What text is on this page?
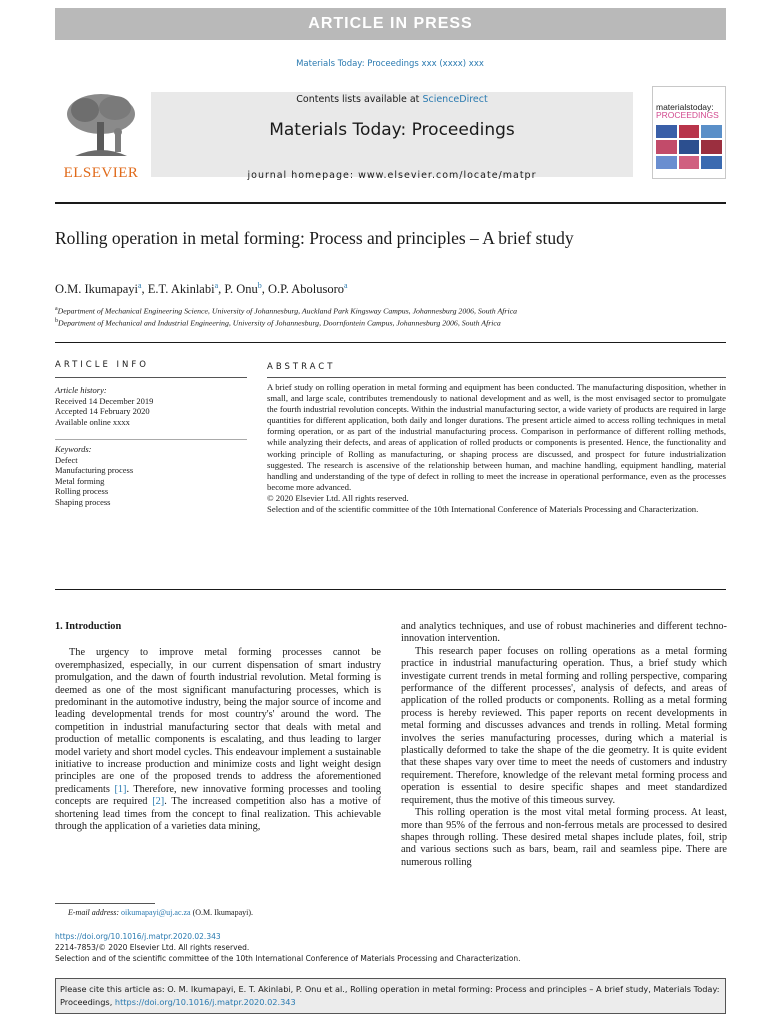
ARTICLE IN PRESS
Materials Today: Proceedings xxx (xxxx) xxx
ELSEVIER
Contents lists available at ScienceDirect
Materials Today: Proceedings
journal homepage: www.elsevier.com/locate/matpr
materialstoday:
PROCEEDINGS
Rolling operation in metal forming: Process and principles – A brief study
O.M. Ikumapayi$^a$, E.T. Akinlabi$^a$, P. Onu$^b$, O.P. Abolusoro$^a$
$^a$Department of Mechanical Engineering Science, University of Johannesburg, Auckland Park Kingsway Campus, Johannesburg 2006, South Africa
$^b$Department of Mechanical and Industrial Engineering, University of Johannesburg, Doornfontein Campus, Johannesburg 2006, South Africa
ARTICLE INFO	ABSTRACT
Article history:
Received 14 December 2019
Accepted 14 February 2020
Available online xxxx
Keywords:
Defect
Manufacturing process
Metal forming
Rolling process
Shaping process
A brief study on rolling operation in metal forming and equipment has been conducted. The manufacturing disposition, whether in small, and large scale, contributes tremendously to national development and as well, is the most envisaged sector to promulgate the fourth industrial revolution concepts. Within the industrial manufacturing sector, a wide variety of products are required in large quantities for different application, both daily and longer durations. The present article aimed to access rolling techniques in metal forming operation, or as part of the industrial manufacturing process. Comparison in performance of different rolling methods, while analyzing their defects, and areas of application of rolled products or components is presented. Hence, the functionality and working principle of Rolling as manufacturing, or shaping process are discussed, and prospect for future industrialization suggested. The research is ascensive of the relationship between human, and machine handling, equipment handling, material handling and understanding of the type of defect in rolling to meet the increase in operational performance, even as the processes become more advanced.
© 2020 Elsevier Ltd. All rights reserved.
Selection and of the scientific committee of the 10th International Conference of Materials Processing and Characterization.
1. Introduction

The urgency to improve metal forming processes cannot be overemphasized, especially, in our current dispensation of smart industry promulgation, and the dawn of fourth industrial revolution. Metal forming is deemed as one of the most significant manufacturing processes, which is predominant in the automotive industry, being the major source of income and leading developmental trends for most country's' around the word. The competition in industrial manufacturing sector that deals with metal and production of metallic components is escalating, and thus leading to larger model variety and short model cycles. This endeavour implement a sustainable initiative to increase production and minimize costs and light weight design principles are one of the proposed trends to address the aforementioned predicaments [1]. Therefore, new innovative forming processes and tooling concepts are required [2]. The increased competition also has a motive of shortening lead times from the concept to final realization. This achievable through the application of a varieties data mining,

and analytics techniques, and use of robust machineries and different techno-innovation intervention.

This research paper focuses on rolling operations as a metal forming practice in industrial manufacturing operation. Thus, a brief study which investigate current trends in metal forming and rolling perspective, comparing performance of the different processes', analysis of defects, and areas of application of the rolled products or components. Rolling as a metal forming process is hereby reviewed. This paper reports on recent developments in metal forming and discusses advances and trends in rolling. Metal forming involves the series manufacturing processes, during which a material is plastically deformed to take the shape of the die geometry. It is quite evident that these shapes vary over time to meet the needs of customers and industry requirement. Therefore, knowledge of the relevant metal forming process and operation is essential to desire specific shapes and meet standardized requirement, thus the motive of this timeous survey.

This rolling operation is the most vital metal forming process. At least, more than 95% of the ferrous and non-ferrous metals are processed to desired shapes through rolling. These desired metal shapes include plates, foil, strip and various sections such as bars, beam, rail and seamless pipe. There are numerous rolling

E-mail address: oikumapayi@uj.ac.za (O.M. Ikumapayi).
https://doi.org/10.1016/j.matpr.2020.02.343
2214-7853/© 2020 Elsevier Ltd. All rights reserved.
Selection and of the scientific committee of the 10th International Conference of Materials Processing and Characterization.
Please cite this article as: O. M. Ikumapayi, E. T. Akinlabi, P. Onu et al., Rolling operation in metal forming: Process and principles – A brief study, Materials Today: Proceedings, https://doi.org/10.1016/j.matpr.2020.02.343
